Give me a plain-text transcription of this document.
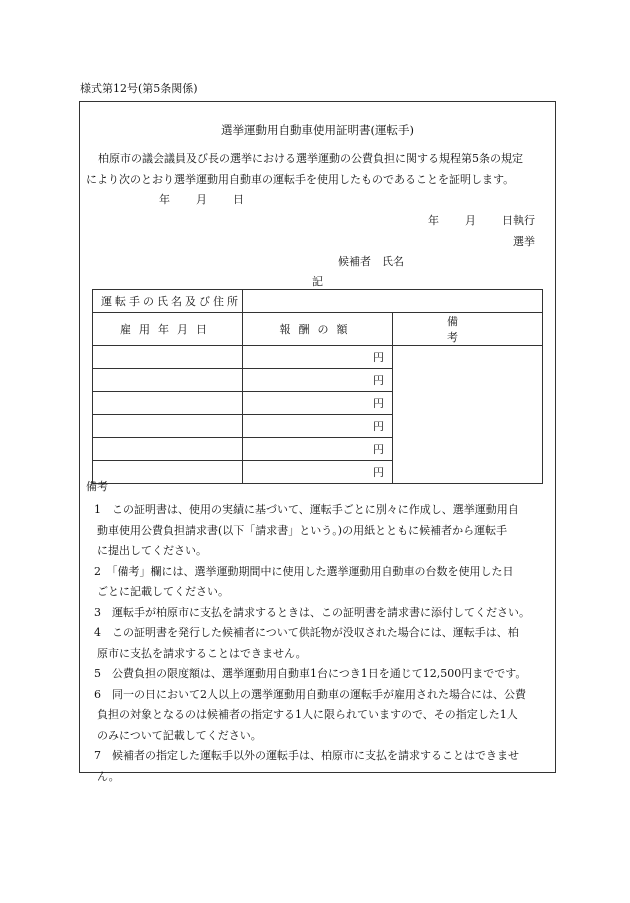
様式第12号(第5条関係)
選挙運動用自動車使用証明書(運転手)
柏原市の議会議員及び長の選挙における選挙運動の公費負担に関する規程第5条の規定
により次のとおり選挙運動用自動車の運転手を使用したものであることを証明します。
年 月 日
年 月 日執行
選挙
候補者　氏名
記
運転手の氏名及び住所		
雇用年月日	報酬の額	備考
	円	
	円	
	円	
	円	
	円	
	円	
備考
1　この証明書は、使用の実績に基づいて、運転手ごとに別々に作成し、選挙運動用自
動車使用公費負担請求書(以下「請求書」という。)の用紙とともに候補者から運転手
に提出してください。
2　「備考」欄には、選挙運動期間中に使用した選挙運動用自動車の台数を使用した日
ごとに記載してください。
3　運転手が柏原市に支払を請求するときは、この証明書を請求書に添付してください。
4　この証明書を発行した候補者について供託物が没収された場合には、運転手は、柏
原市に支払を請求することはできません。
5　公費負担の限度額は、選挙運動用自動車1台につき1日を通じて12,500円までです。
6　同一の日において2人以上の選挙運動用自動車の運転手が雇用された場合には、公費
負担の対象となるのは候補者の指定する1人に限られていますので、その指定した1人
のみについて記載してください。
7　候補者の指定した運転手以外の運転手は、柏原市に支払を請求することはできませ
ん。
